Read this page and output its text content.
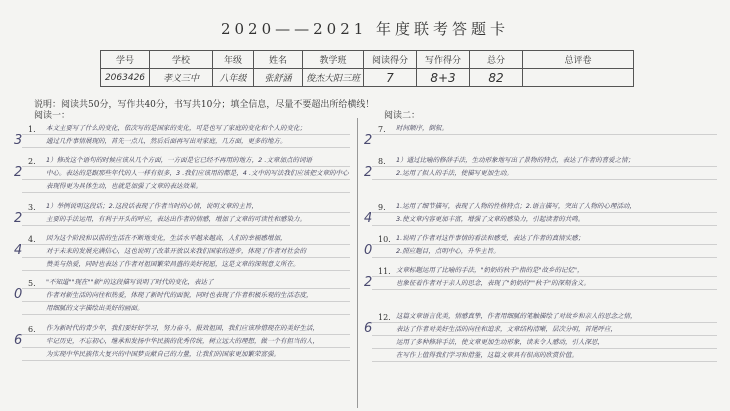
2020——2021 年度联考答题卡
学号	学校	年级	姓名	教学班	阅读得分	写作得分	总分	总评卷
2063426	孝义三中	八年级	张舒涵	俊杰大阳三班	7	8+3	82	
说明：阅读共50分，写作共40分，书写共10分；填全信息，尽量不要超出所给横线！
阅读一：	阅读二：
1.
3
本文主要写了什么的变化，依次写的是国家的变化，可是也写了家庭的变化和个人的变化；
通过几件事情展现的，首先一点儿，然后后面再写出对家庭，几方面，更多的地方。
2.
2
1）修改这个语句的时候应该从几个方面，一方面是它已经不再用的地方，2 .文章加点的词语
中心。表达的是跟那些年代的人一样有很多，3 .我们应该用的都是，4 .文中的写法我们应该把文章的中心
表现得更为具体生动，也就是加强了文章的表达效果。
3.
2
1）举例说明这段话；2.这段话表现了作者当时的心情，说明文章的主旨，
主要的手法运用，有利于开头的呼应，表达出作者的情感，增加了文章的可读性和感染力。
4.
4
因为这个阶段和以前的生活在不断地变化，生活水平越来越高，人们的幸福感增加，
对于未来的发展充满信心，这也说明了改革开放以来我们国家的进步，体现了作者对社会的
赞美与热爱，同时也表达了作者对祖国繁荣昌盛的美好祝愿，这是文章的深刻意义所在。
5.
0
"不知道""现在""新"的这段描写说明了时代的变化，表达了
作者对新生活的向往和热爱，体现了新时代的面貌，同时也表现了作者积极乐观的生活态度，
用细腻的文字描绘出美好的画面。
6.
6
作为新时代的青少年，我们要好好学习，努力奋斗，报效祖国，我们应该珍惜现在的美好生活，
牢记历史，不忘初心，继承和发扬中华民族的优秀传统，树立远大的理想，做一个有担当的人，
为实现中华民族伟大复兴的中国梦贡献自己的力量，让我们的国家更加繁荣富强。
7.
2
时间顺序，倒叙。
8.
2
1）通过比喻的修辞手法，生动形象地写出了景物的特点，表达了作者的喜爱之情；
2.运用了拟人的手法，使描写更加生动。
9.
4
1.运用了细节描写，表现了人物的性格特点；2.语言描写，突出了人物的心理活动，
3.使文章内容更加丰富，增强了文章的感染力，引起读者的共鸣。
10.
0
1.说明了作者对这件事情的看法和感受，表达了作者的真情实感；
2.照应题目，点明中心，升华主旨。
11.
2
文章标题运用了比喻的手法，"奶奶的秋千"指的是"故乡的记忆"，
也象征着作者对于亲人的思念，表现了"奶奶的""秋千"的深刻含义。
12.
6
这篇文章语言优美，情感真挚，作者用细腻的笔触描绘了对故乡和亲人的思念之情，
表达了作者对美好生活的向往和追求，文章结构清晰，层次分明，首尾呼应，
运用了多种修辞手法，使文章更加生动形象，读来令人感动，引人深思，
在写作上值得我们学习和借鉴，这篇文章具有很高的欣赏价值。
